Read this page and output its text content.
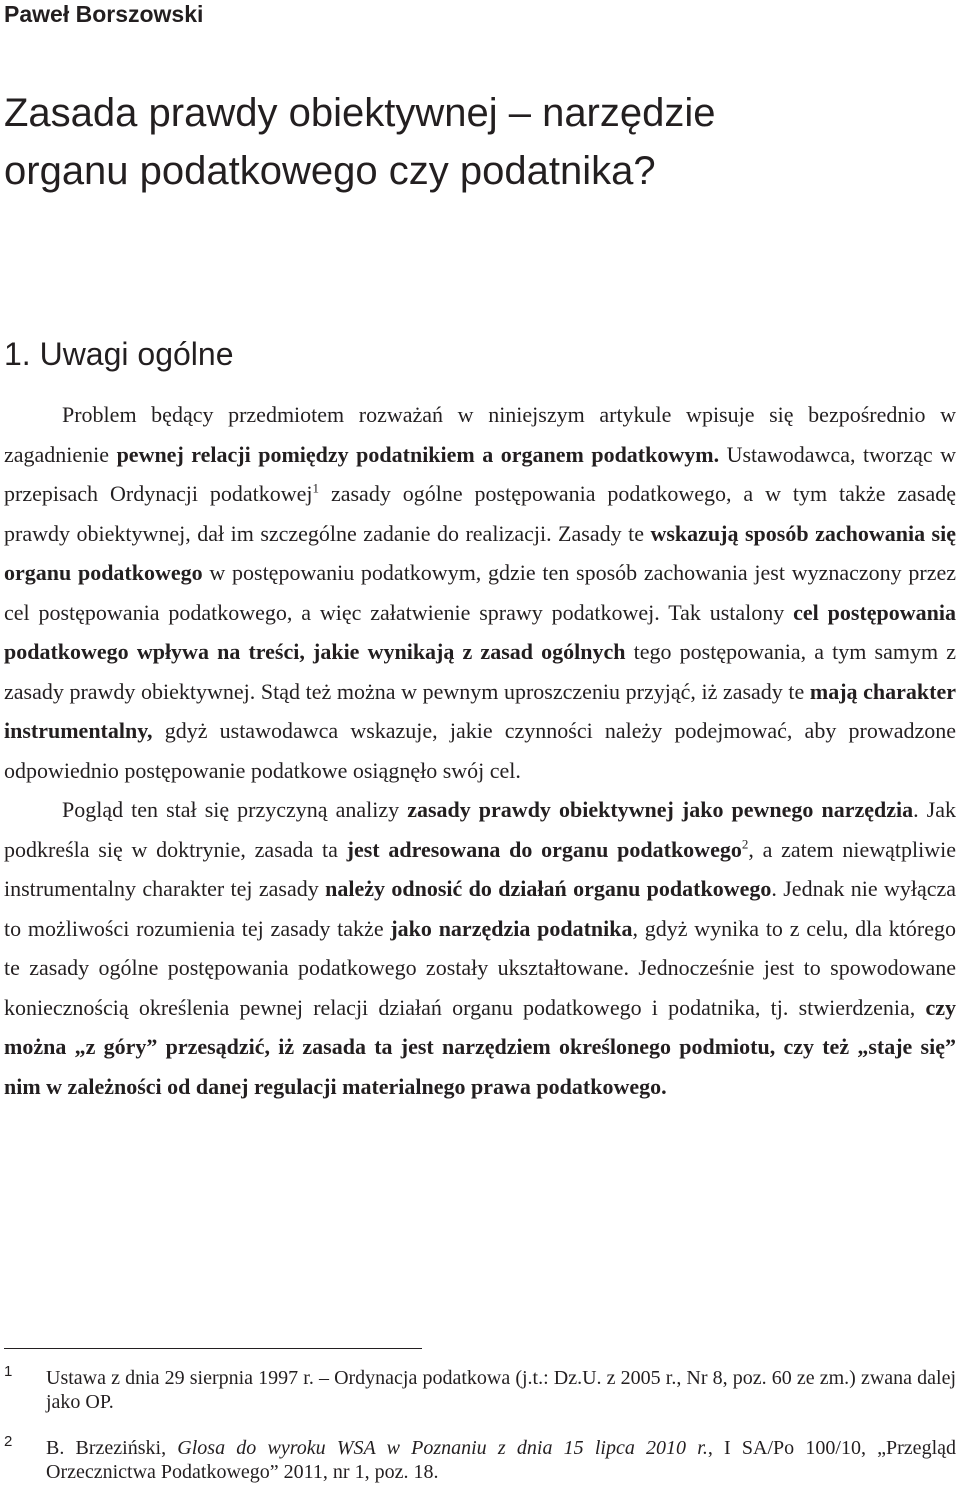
Paweł Borszowski
Zasada prawdy obiektywnej – narzędzie
organu podatkowego czy podatnika?
1. Uwagi ogólne

Problem będący przedmiotem rozważań w niniejszym artykule wpisuje się bezpośrednio w zagadnienie pewnej relacji pomiędzy podatnikiem a organem podatkowym. Ustawodawca, tworząc w przepisach Ordynacji podatkowej$^1$ zasady ogólne postępowania podatkowego, a w tym także zasadę prawdy obiektywnej, dał im szczególne zadanie do realizacji. Zasady te wskazują sposób zachowania się organu podatkowego w postępowaniu podatkowym, gdzie ten sposób zachowania jest wyznaczony przez cel postępowania podatkowego, a więc załatwienie sprawy podatkowej. Tak ustalony cel postępowania podatkowego wpływa na treści, jakie wynikają z zasad ogólnych tego postępowania, a tym samym z zasady prawdy obiektywnej. Stąd też można w pewnym uproszczeniu przyjąć, iż zasady te mają charakter instrumentalny, gdyż ustawodawca wskazuje, jakie czynności należy podejmować, aby prowadzone odpowiednio postępowanie podatkowe osiągnęło swój cel.

Pogląd ten stał się przyczyną analizy zasady prawdy obiektywnej jako pewnego narzędzia. Jak podkreśla się w doktrynie, zasada ta jest adresowana do organu podatkowego$^2$, a zatem niewątpliwie instrumentalny charakter tej zasady należy odnosić do działań organu podatkowego. Jednak nie wyłącza to możliwości rozumienia tej zasady także jako narzędzia podatnika, gdyż wynika to z celu, dla którego te zasady ogólne postępowania podatkowego zostały ukształtowane. Jednocześnie jest to spowodowane koniecznością określenia pewnej relacji działań organu podatkowego i podatnika, tj. stwierdzenia, czy można „z góry” przesądzić, iż zasada ta jest narzędziem określonego podmiotu, czy też „staje się” nim w zależności od danej regulacji materialnego prawa podatkowego.

1 Ustawa z dnia 29 sierpnia 1997 r. – Ordynacja podatkowa (j.t.: Dz.U. z 2005 r., Nr 8, poz. 60 ze zm.) zwana dalej jako OP.
2 B. Brzeziński, Glosa do wyroku WSA w Poznaniu z dnia 15 lipca 2010 r., I SA/Po 100/10, „Przegląd Orzecznictwa Podatkowego” 2011, nr 1, poz. 18.
